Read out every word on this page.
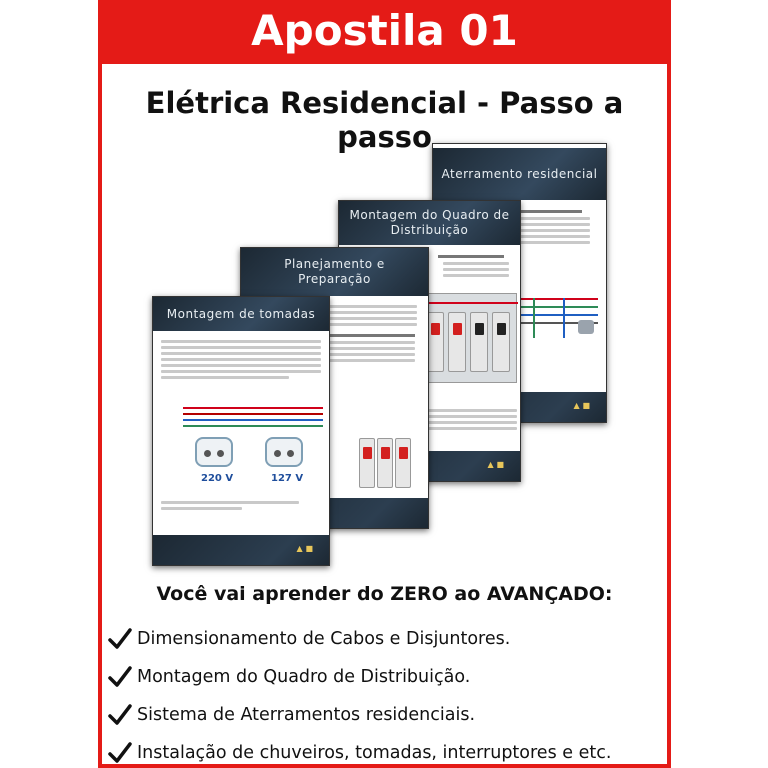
Apostila 01
Elétrica Residencial - Passo a passo
Aterramento residencial
▲ ■
Montagem do Quadro de Distribuição
▲ ■
Planejamento e Preparação
Montagem de tomadas
220 V	127 V
▲ ■
Você vai aprender do ZERO ao AVANÇADO:
Dimensionamento de Cabos e Disjuntores.
Montagem do Quadro de Distribuição.
Sistema de Aterramentos residenciais.
Instalação de chuveiros, tomadas, interruptores e etc.
